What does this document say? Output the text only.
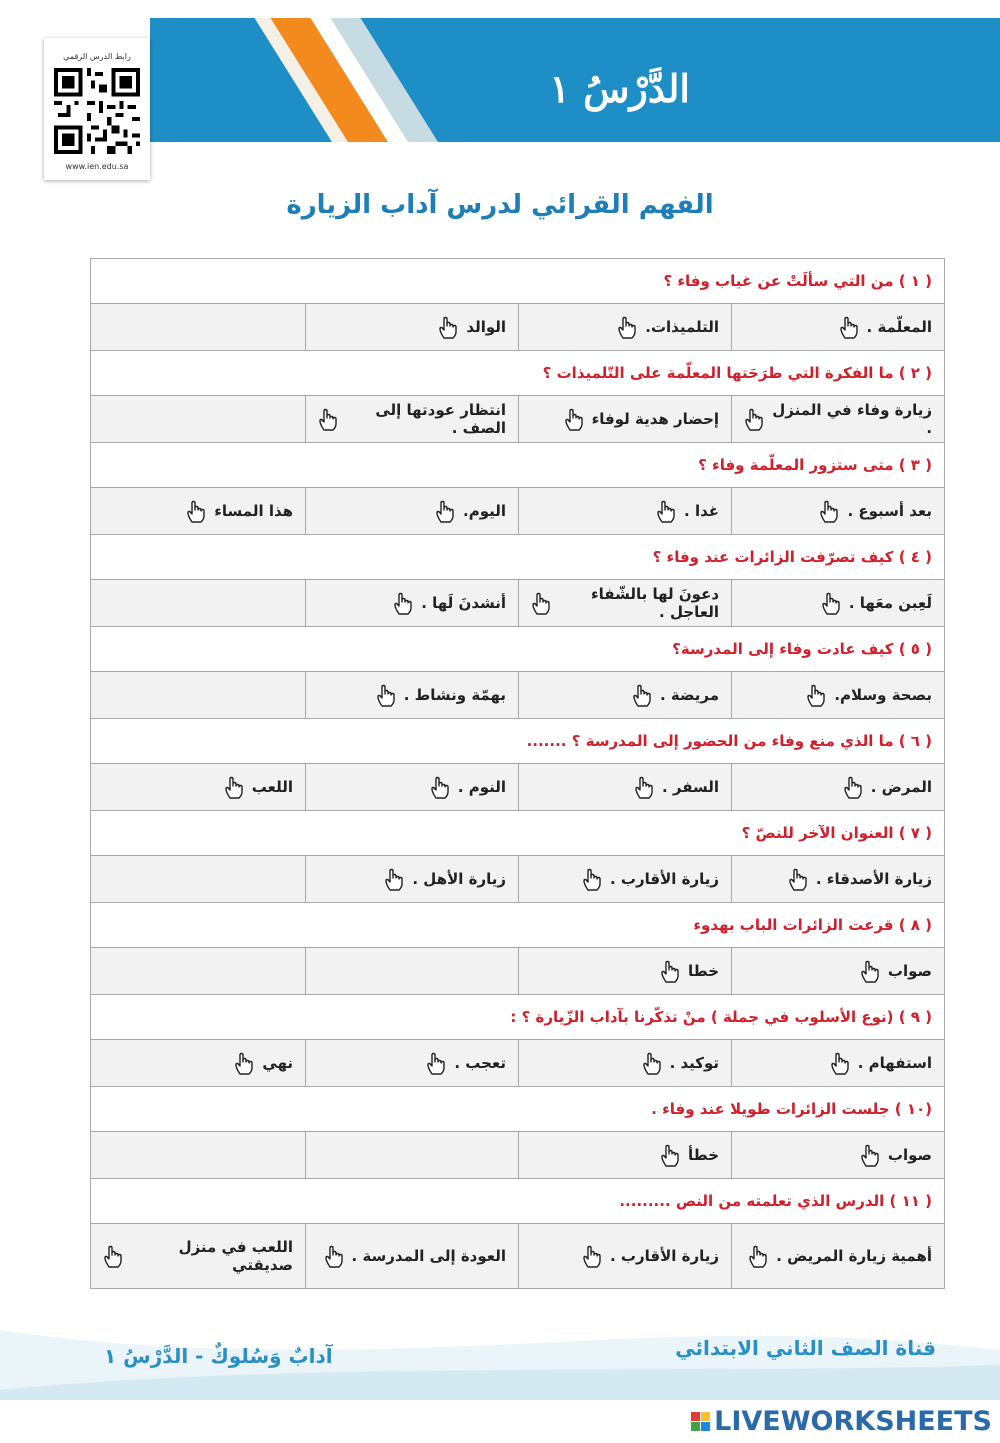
الدَّرْسُ ١
رابط الدرس الرقمي
www.ien.edu.sa
الفهم القرائي لدرس آداب الزيارة
( ١ ) من التي سألَتْ عن غياب وفاء ؟			

المعلّمة .	التلميذات.	الوالد	

( ٢ ) ما الفكرة التي طرَحَتها المعلّمة على التّلميذات ؟			

زيارة وفاء في المنزل .	إحضار هدية لوفاء	انتظار عودتها إلى الصف .	

( ٣ ) متى ستزور المعلّمة وفاء ؟			

بعد أسبوع .	غدا .	اليوم.	هذا المساء

( ٤ ) كيف تصرّفت الزائرات عند وفاء ؟			

لَعِبن معَها .	دعونَ لها بالشّفاء العاجل .	أنشدنَ لَها .	

( ٥ ) كيف عادت وفاء إلى المدرسة؟			

بصحة وسلام.	مريضة .	بهمّة ونشاط .	

( ٦ ) ما الذي منع وفاء من الحضور إلى المدرسة ؟ .......			

المرض .	السفر .	النوم .	اللعب

( ٧ ) العنوان الآخر للنصّ ؟			

زيارة الأصدقاء .	زيارة الأقارب .	زيارة الأهل .	

( ٨ ) قرعت الزائرات الباب بهدوء			

صواب	خطا		

( ٩ ) (نوع الأسلوب في جملة ) منْ تذكّرنا بآداب الزّيارة ؟ :			

استفهام .	توكيد .	تعجب .	نهي

(١٠ ) جلست الزائرات طويلا عند وفاء .			

صواب	خطأ		

( ١١ ) الدرس الذي تعلمته من النص .........			

أهمية زيارة المريض .	زيارة الأقارب .	العودة إلى المدرسة .	اللعب في منزل صديقتي
آدابٌ وَسُلوكٌ - الدَّرْسُ ١	قناة الصف الثاني الابتدائي
LIVEWORKSHEETS
